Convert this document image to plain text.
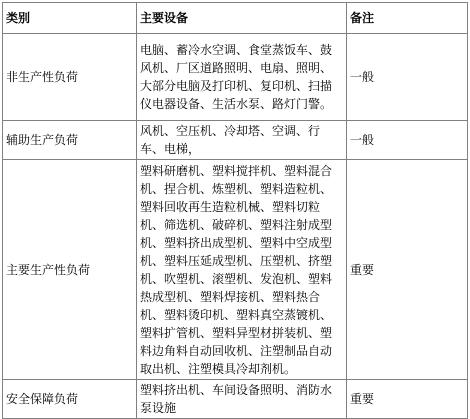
类别	主要设备	备注
非生产性负荷	电脑、蓄冷水空调、食堂蒸饭车、鼓风机、厂区道路照明、电扇、照明、大部分电脑及打印机、复印机、扫描仪电器设备、生活水泵、路灯门警。	一般
辅助生产负荷	风机、空压机、冷却塔、空调、行车、电梯，	一般
主要生产性负荷	塑料研磨机、塑料搅拌机、塑料混合机、捏合机、炼塑机、塑料造粒机、塑料回收再生造粒机械、塑料切粒机、筛选机、破碎机、塑料注射成型机、塑料挤出成型机、塑料中空成型机、塑料压延成型机、压塑机、挤塑机、吹塑机、滚塑机、发泡机、塑料热成型机、塑料焊接机、塑料热合机、塑料烫印机、塑料真空蒸镀机、塑料扩管机、塑料异型材拼装机、塑料边角料自动回收机、注塑制品自动取出机、注塑模具冷却剂机。	重要
安全保障负荷	塑料挤出机、车间设备照明、消防水泵设施	重要
